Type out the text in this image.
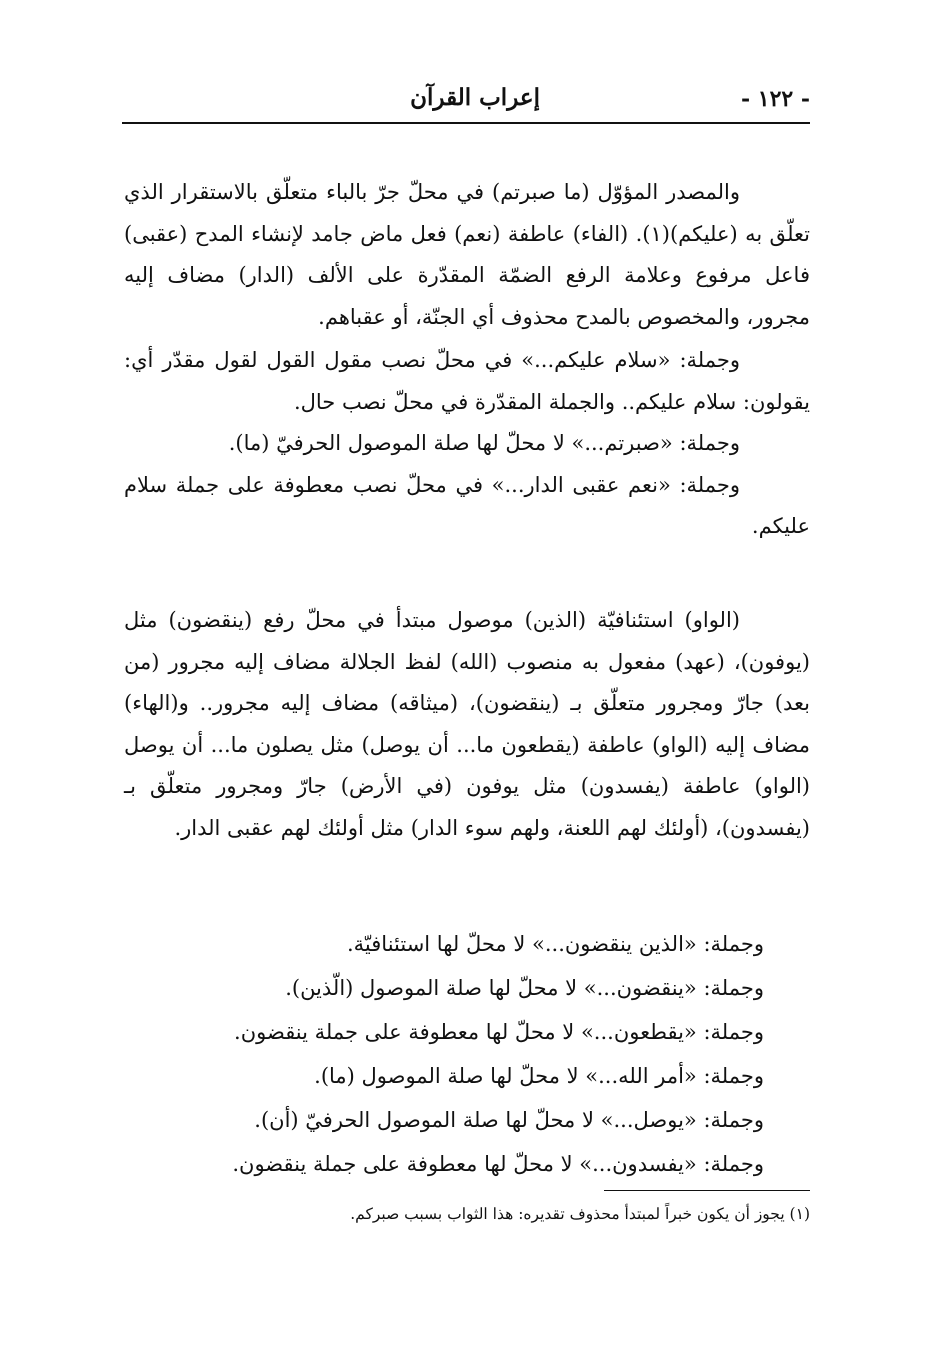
- ١٢٢ -
إعراب القرآن

والمصدر المؤوّل (ما صبرتم) في محلّ جرّ بالباء متعلّق بالاستقرار الذي تعلّق به (عليكم)(١). (الفاء) عاطفة (نعم) فعل ماض جامد لإنشاء المدح (عقبى) فاعل مرفوع وعلامة الرفع الضمّة المقدّرة على الألف (الدار) مضاف إليه مجرور، والمخصوص بالمدح محذوف أي الجنّة، أو عقباهم.

وجملة: «سلام عليكم...» في محلّ نصب مقول القول لقول مقدّر أي: يقولون: سلام عليكم.. والجملة المقدّرة في محلّ نصب حال.

وجملة: «صبرتم...» لا محلّ لها صلة الموصول الحرفيّ (ما).

وجملة: «نعم عقبى الدار...» في محلّ نصب معطوفة على جملة سلام عليكم.

(الواو) استئنافيّة (الذين) موصول مبتدأ في محلّ رفع (ينقضون) مثل (يوفون)، (عهد) مفعول به منصوب (الله) لفظ الجلالة مضاف إليه مجرور (من بعد) جارّ ومجرور متعلّق بـ (ينقضون)، (ميثاقه) مضاف إليه مجرور.. و(الهاء) مضاف إليه (الواو) عاطفة (يقطعون ما... أن يوصل) مثل يصلون ما... أن يوصل (الواو) عاطفة (يفسدون) مثل يوفون (في الأرض) جارّ ومجرور متعلّق بـ (يفسدون)، (أولئك لهم اللعنة، ولهم سوء الدار) مثل أولئك لهم عقبى الدار.

وجملة: «الذين ينقضون...» لا محلّ لها استئنافيّة.

وجملة: «ينقضون...» لا محلّ لها صلة الموصول (الّذين).

وجملة: «يقطعون...» لا محلّ لها معطوفة على جملة ينقضون.

وجملة: «أمر الله...» لا محلّ لها صلة الموصول (ما).

وجملة: «يوصل...» لا محلّ لها صلة الموصول الحرفيّ (أن).

وجملة: «يفسدون...» لا محلّ لها معطوفة على جملة ينقضون.

(١) يجوز أن يكون خبراً لمبتدأ محذوف تقديره: هذا الثواب بسبب صبركم.
